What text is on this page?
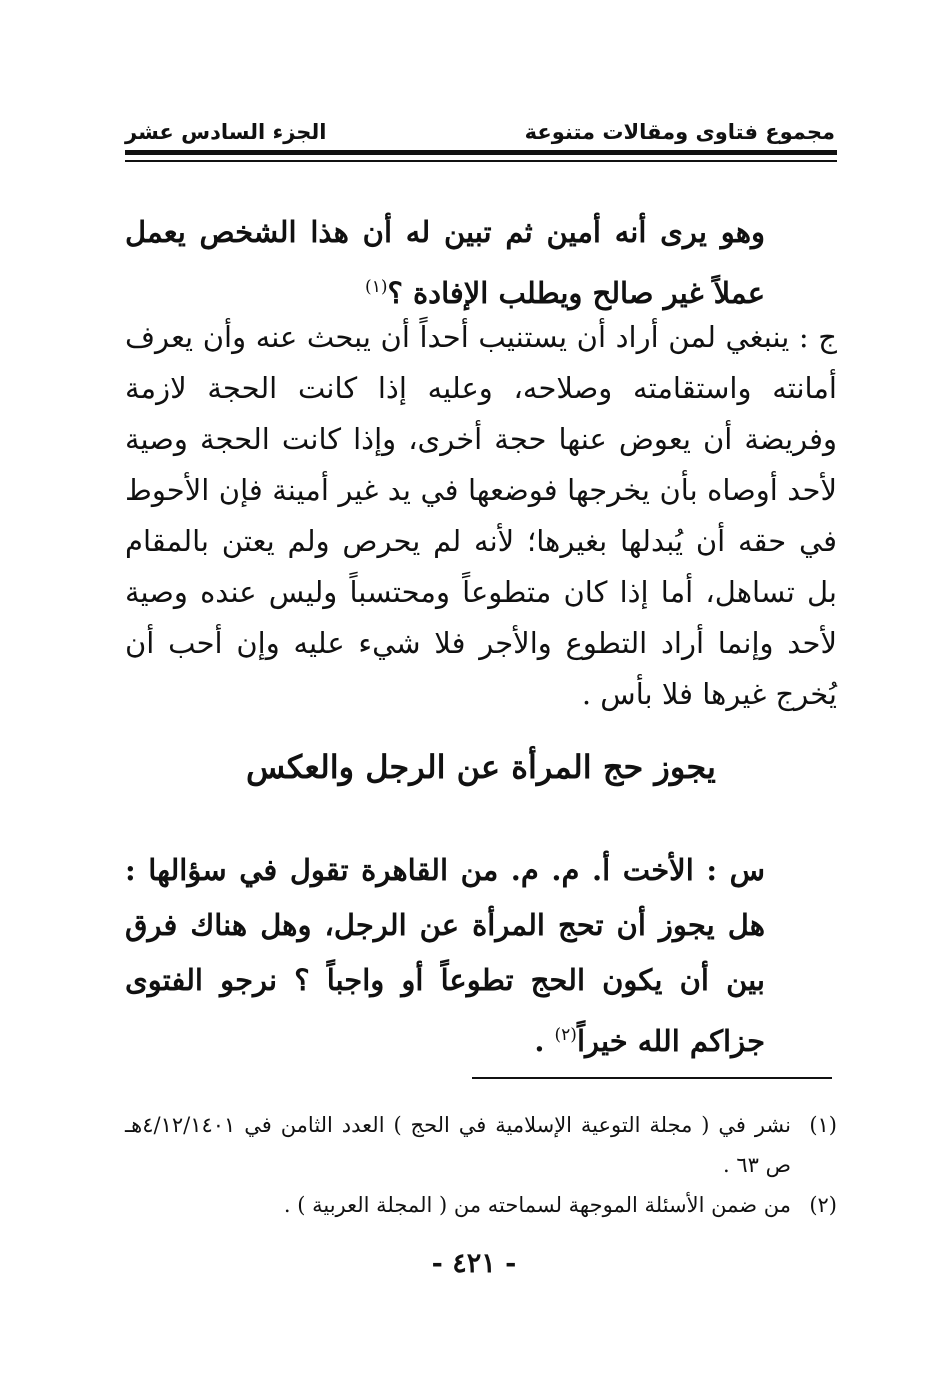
مجموع فتاوى ومقالات متنوعة
الجزء السادس عشر
وهو يرى أنه أمين ثم تبين له أن هذا الشخص يعمل عملاً غير صالح ويطلب الإفادة ؟$^{(١)}$
ج : ينبغي لمن أراد أن يستنيب أحداً أن يبحث عنه وأن يعرف أمانته واستقامته وصلاحه، وعليه إذا كانت الحجة لازمة وفريضة أن يعوض عنها حجة أخرى، وإذا كانت الحجة وصية لأحد أوصاه بأن يخرجها فوضعها في يد غير أمينة فإن الأحوط في حقه أن يُبدلها بغيرها؛ لأنه لم يحرص ولم يعتن بالمقام بل تساهل، أما إذا كان متطوعاً ومحتسباً وليس عنده وصية لأحد وإنما أراد التطوع والأجر فلا شيء عليه وإن أحب أن يُخرج غيرها فلا بأس .
يجوز حج المرأة عن الرجل والعكس
س : الأخت أ. م. م. من القاهرة تقول في سؤالها : هل يجوز أن تحج المرأة عن الرجل، وهل هناك فرق بين أن يكون الحج تطوعاً أو واجباً ؟ نرجو الفتوى جزاكم الله خيراً$^{(٢)}$ .
(١)
نشر في ( مجلة التوعية الإسلامية في الحج ) العدد الثامن في ٤/١٢/١٤٠١هـ ص ٦٣ .
(٢)
من ضمن الأسئلة الموجهة لسماحته من ( المجلة العربية ) .
- ٤٢١ -
